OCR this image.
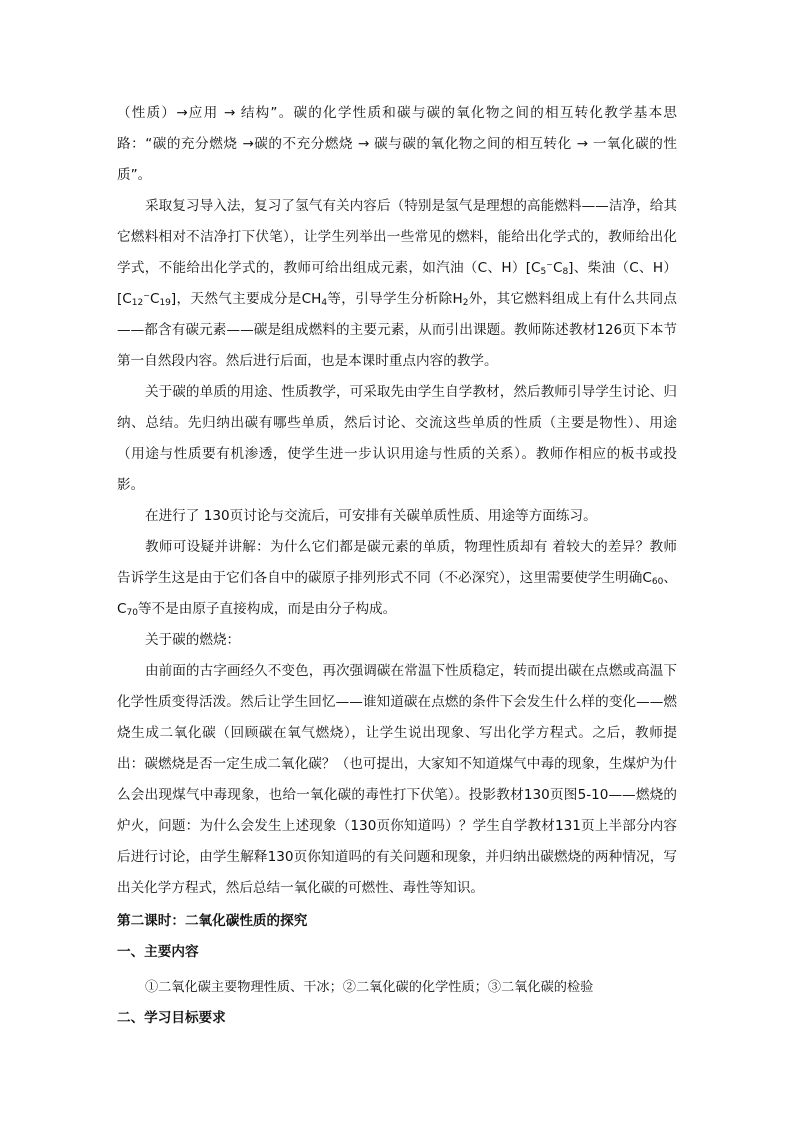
（性质）→应用 → 结构”。碳的化学性质和碳与碳的氧化物之间的相互转化教学基本思路：“碳的充分燃烧 →碳的不充分燃烧 → 碳与碳的氧化物之间的相互转化 → 一氧化碳的性质”。

采取复习导入法，复习了氢气有关内容后（特别是氢气是理想的高能燃料——洁净，给其它燃料相对不洁净打下伏笔），让学生列举出一些常见的燃料，能给出化学式的，教师给出化学式，不能给出化学式的，教师可给出组成元素，如汽油（C、$H)[C_5^\sim C_8]$、柴油（C、$H)[C_{12}^\sim C_{19}]$，天然气主要成分是$CH_4$等，引导学生分析除$H_2$外，其它燃料组成上有什么共同点——都含有碳元素——碳是组成燃料的主要元素，从而引出课题。教师陈述教材126页下本节第一自然段内容。然后进行后面，也是本课时重点内容的教学。

关于碳的单质的用途、性质教学，可采取先由学生自学教材，然后教师引导学生讨论、归纳、总结。先归纳出碳有哪些单质，然后讨论、交流这些单质的性质（主要是物性）、用途（用途与性质要有机渗透，使学生进一步认识用途与性质的关系）。教师作相应的板书或投影。

在进行了 130页讨论与交流后，可安排有关碳单质性质、用途等方面练习。

教师可设疑并讲解：为什么它们都是碳元素的单质，物理性质却有 着较大的差异？教师告诉学生这是由于它们各自中的碳原子排列形式不同（不必深究），这里需要使学生明确$C_{60}$、$C_{70}$等不是由原子直接构成，而是由分子构成。

关于碳的燃烧：

由前面的古字画经久不变色，再次强调碳在常温下性质稳定，转而提出碳在点燃或高温下化学性质变得活泼。然后让学生回忆——谁知道碳在点燃的条件下会发生什么样的变化——燃烧生成二氧化碳（回顾碳在氧气燃烧），让学生说出现象、写出化学方程式。之后，教师提出：碳燃烧是否一定生成二氧化碳？（也可提出，大家知不知道煤气中毒的现象，生煤炉为什么会出现煤气中毒现象，也给一氧化碳的毒性打下伏笔）。投影教材130页图5-10——燃烧的炉火，问题：为什么会发生上述现象（130页你知道吗）？学生自学教材131页上半部分内容后进行讨论，由学生解释130页你知道吗的有关问题和现象，并归纳出碳燃烧的两种情况，写出关化学方程式，然后总结一氧化碳的可燃性、毒性等知识。

第二课时：二氧化碳性质的探究

一、主要内容

①二氧化碳主要物理性质、干冰；②二氧化碳的化学性质；③二氧化碳的检验

二、学习目标要求
